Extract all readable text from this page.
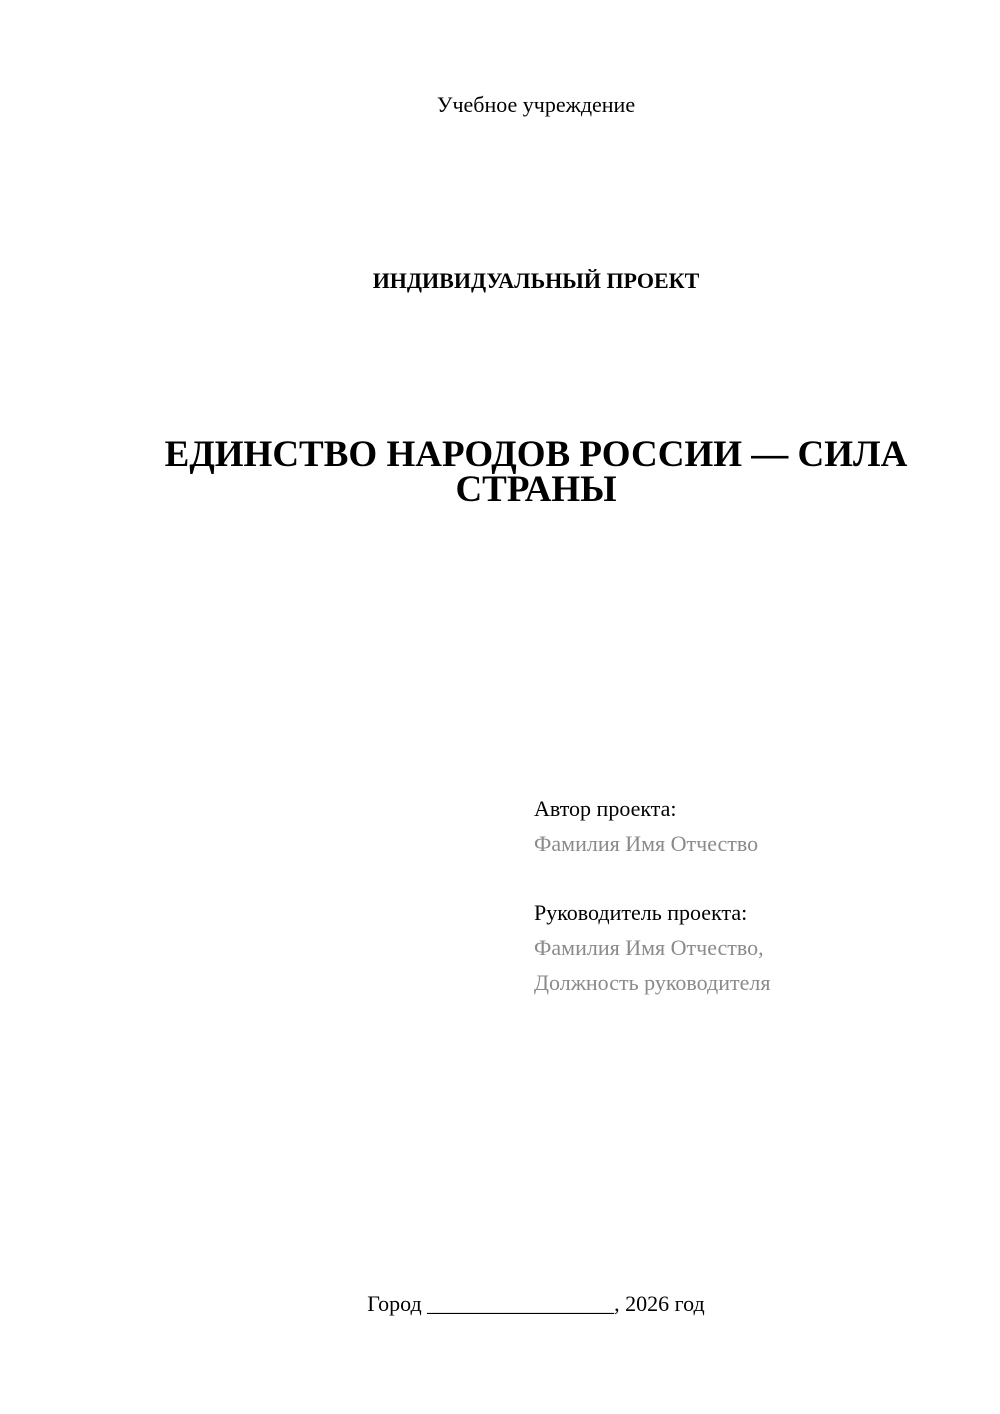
Учебное учреждение
ИНДИВИДУАЛЬНЫЙ ПРОЕКТ
ЕДИНСТВО НАРОДОВ РОССИИ — СИЛА
СТРАНЫ
Автор проекта:
Фамилия Имя Отчество
Руководитель проекта:
Фамилия Имя Отчество,
Должность руководителя
Город _________________, 2026 год
